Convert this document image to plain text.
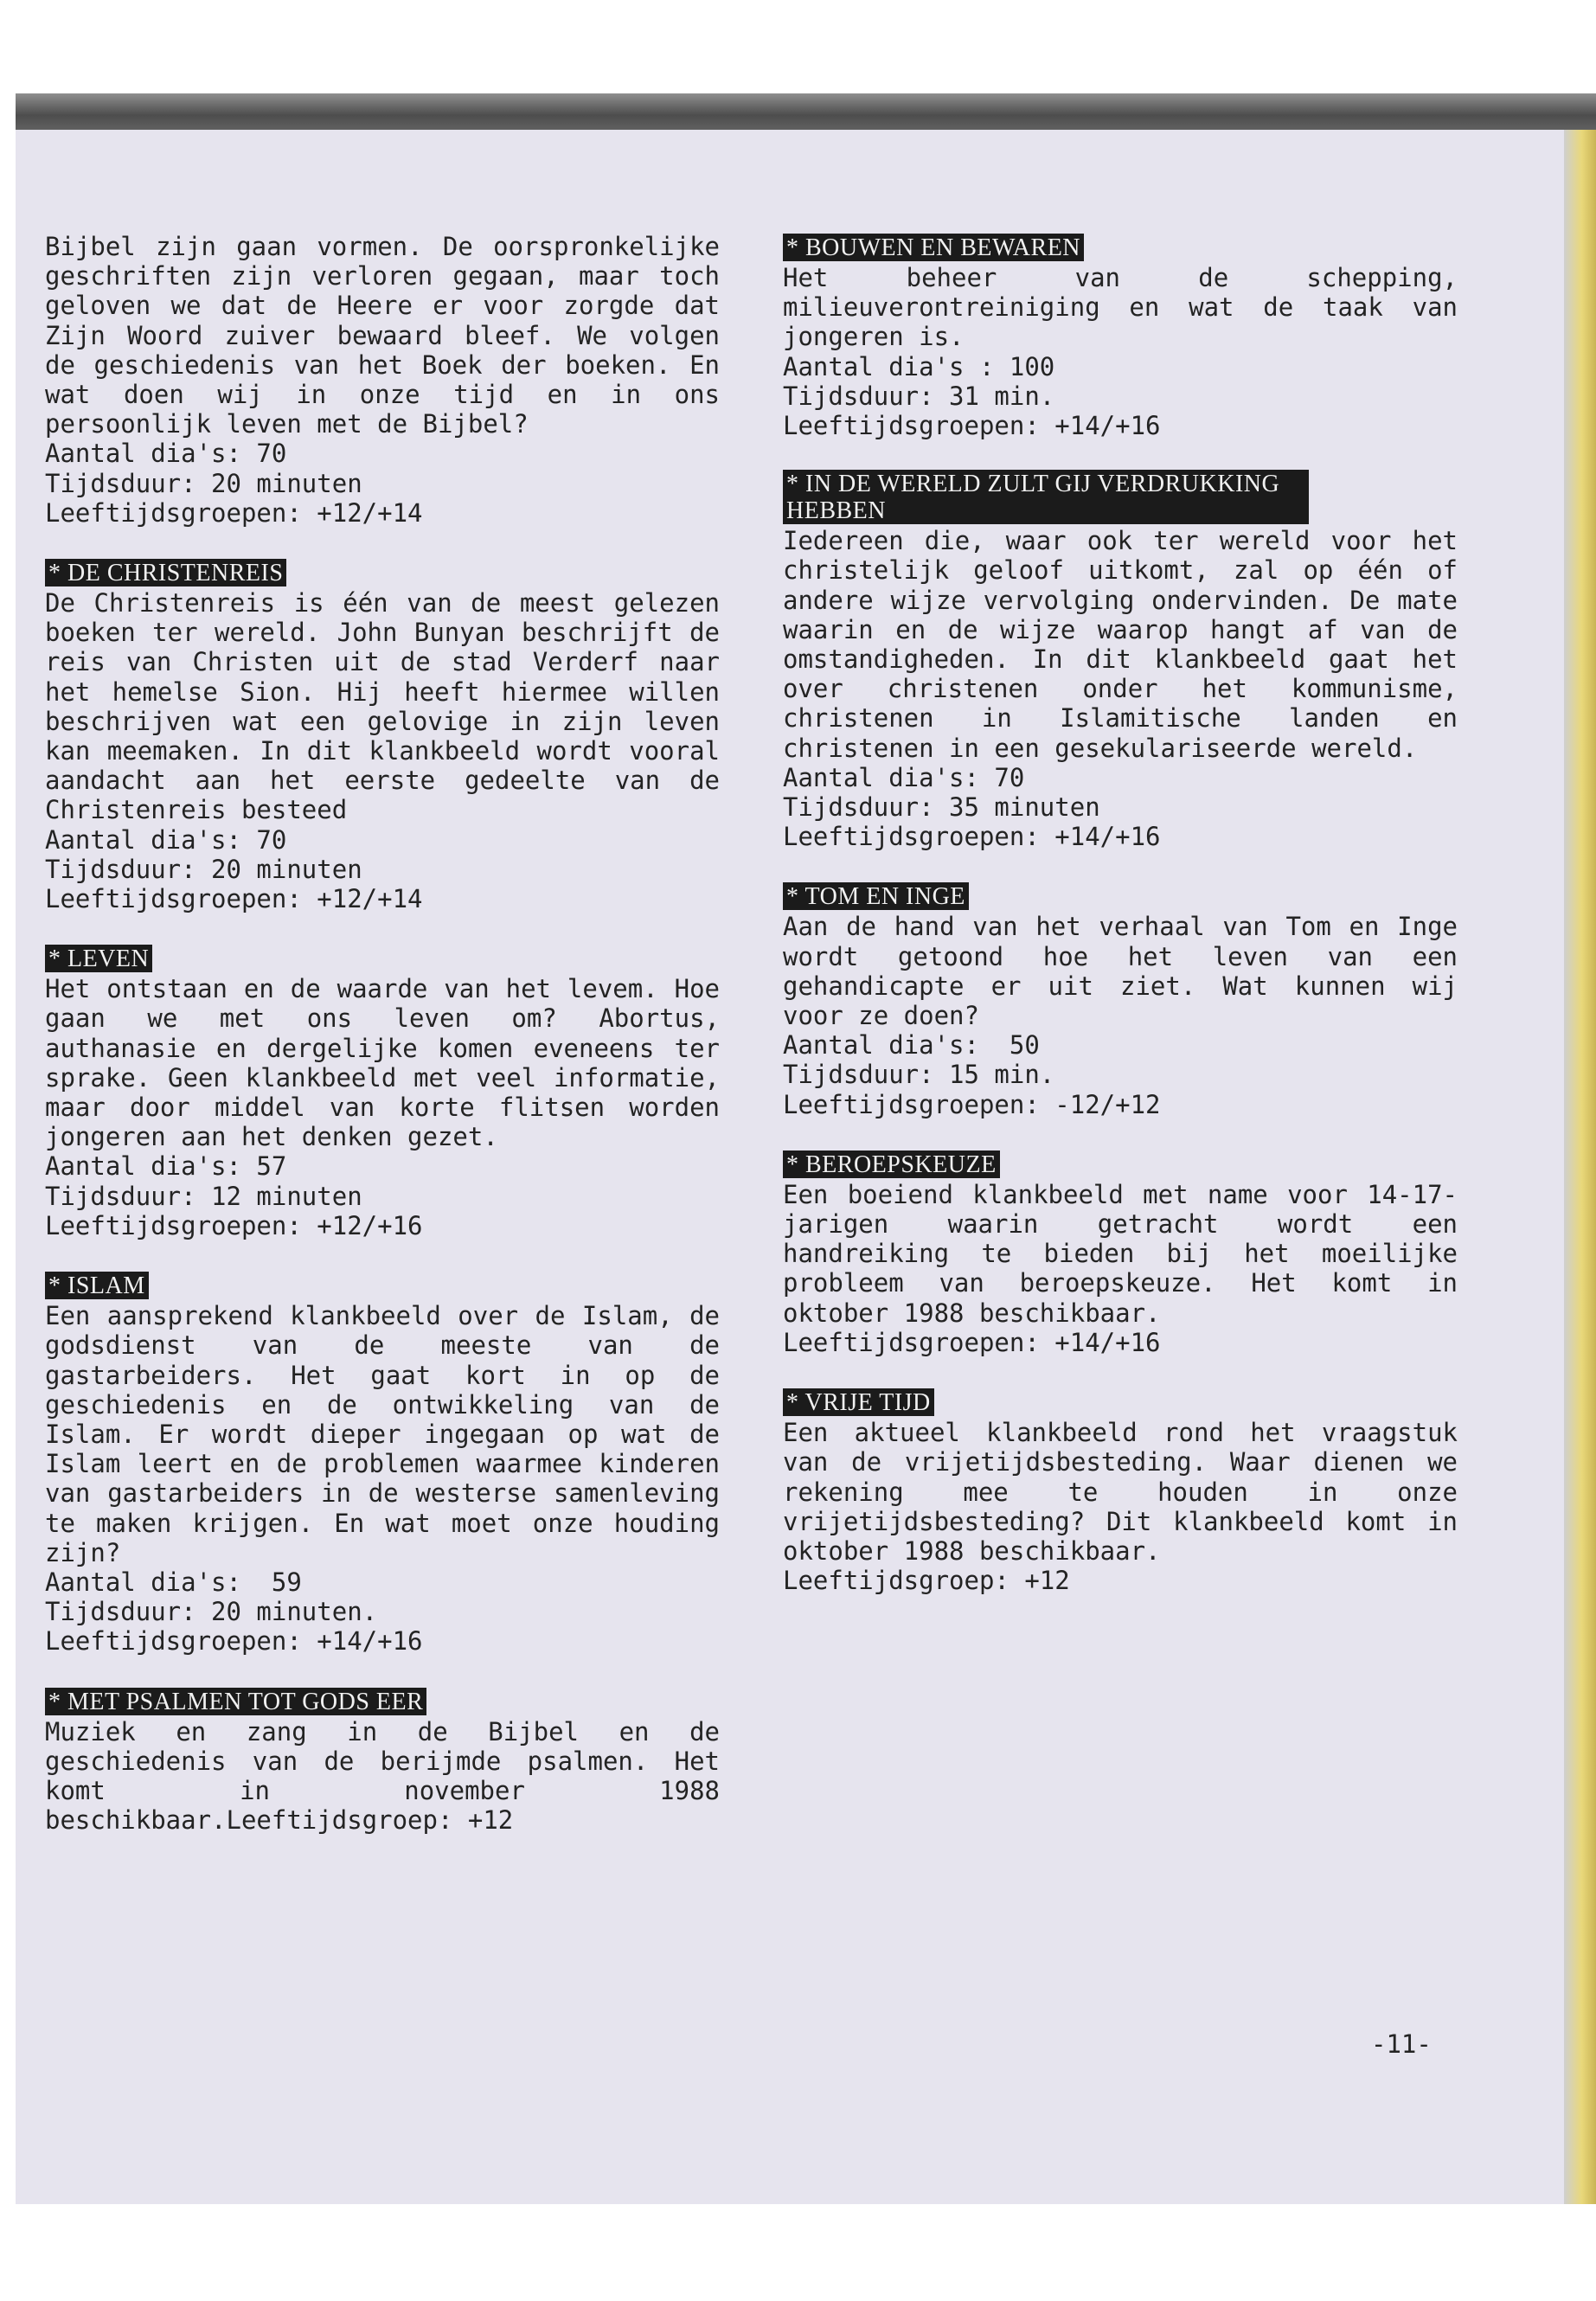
Bijbel zijn gaan vormen. De oorspronkelijke geschriften zijn verloren gegaan, maar toch geloven we dat de Heere er voor zorgde dat Zijn Woord zuiver bewaard bleef. We volgen de geschiedenis van het Boek der boeken. En wat doen wij in onze tijd en in ons persoonlijk leven met de Bijbel?
Aantal dia's: 70
Tijdsduur: 20 minuten
Leeftijdsgroepen: +12/+14
* DE CHRISTENREIS
De Christenreis is één van de meest gelezen boeken ter wereld. John Bunyan beschrijft de reis van Christen uit de stad Verderf naar het hemelse Sion. Hij heeft hiermee willen beschrijven wat een gelovige in zijn leven kan meemaken. In dit klankbeeld wordt vooral aandacht aan het eerste gedeelte van de Christenreis besteed
Aantal dia's: 70
Tijdsduur: 20 minuten
Leeftijdsgroepen: +12/+14
* LEVEN
Het ontstaan en de waarde van het levem. Hoe gaan we met ons leven om? Abortus, authanasie en dergelijke komen eveneens ter sprake. Geen klankbeeld met veel informatie, maar door middel van korte flitsen worden jongeren aan het denken gezet.
Aantal dia's: 57
Tijdsduur: 12 minuten
Leeftijdsgroepen: +12/+16
* ISLAM
Een aansprekend klankbeeld over de Islam, de godsdienst van de meeste van de gastarbeiders. Het gaat kort in op de geschiedenis en de ontwikkeling van de Islam. Er wordt dieper ingegaan op wat de Islam leert en de problemen waarmee kinderen van gastarbeiders in de westerse samenleving te maken krijgen. En wat moet onze houding zijn?
Aantal dia's:  59
Tijdsduur: 20 minuten.
Leeftijdsgroepen: +14/+16
* MET PSALMEN TOT GODS EER
Muziek en zang in de Bijbel en de geschiedenis van de berijmde psalmen. Het komt in november 1988 beschikbaar.Leeftijdsgroep: +12
* BOUWEN EN BEWAREN
Het beheer van de schepping, milieuverontreiniging en wat de taak van jongeren is.
Aantal dia's : 100
Tijdsduur: 31 min.
Leeftijdsgroepen: +14/+16
* IN DE WERELD ZULT GIJ VERDRUKKING HEBBEN
Iedereen die, waar ook ter wereld voor het christelijk geloof uitkomt, zal op één of andere wijze vervolging ondervinden. De mate waarin en de wijze waarop hangt af van de omstandigheden. In dit klankbeeld gaat het over christenen onder het kommunisme, christenen in Islamitische landen en christenen in een gesekulariseerde wereld.
Aantal dia's: 70
Tijdsduur: 35 minuten
Leeftijdsgroepen: +14/+16
* TOM EN INGE
Aan de hand van het verhaal van Tom en Inge wordt getoond hoe het leven van een gehandicapte er uit ziet. Wat kunnen wij voor ze doen?
Aantal dia's:  50
Tijdsduur: 15 min.
Leeftijdsgroepen: -12/+12
* BEROEPSKEUZE
Een boeiend klankbeeld met name voor 14-17-jarigen waarin getracht wordt een handreiking te bieden bij het moeilijke probleem van beroepskeuze. Het komt in oktober 1988 beschikbaar.
Leeftijdsgroepen: +14/+16
* VRIJE TIJD
Een aktueel klankbeeld rond het vraagstuk van de vrijetijdsbesteding. Waar dienen we rekening mee te houden in onze vrijetijdsbesteding? Dit klankbeeld komt in oktober 1988 beschikbaar.
Leeftijdsgroep: +12
-11-
